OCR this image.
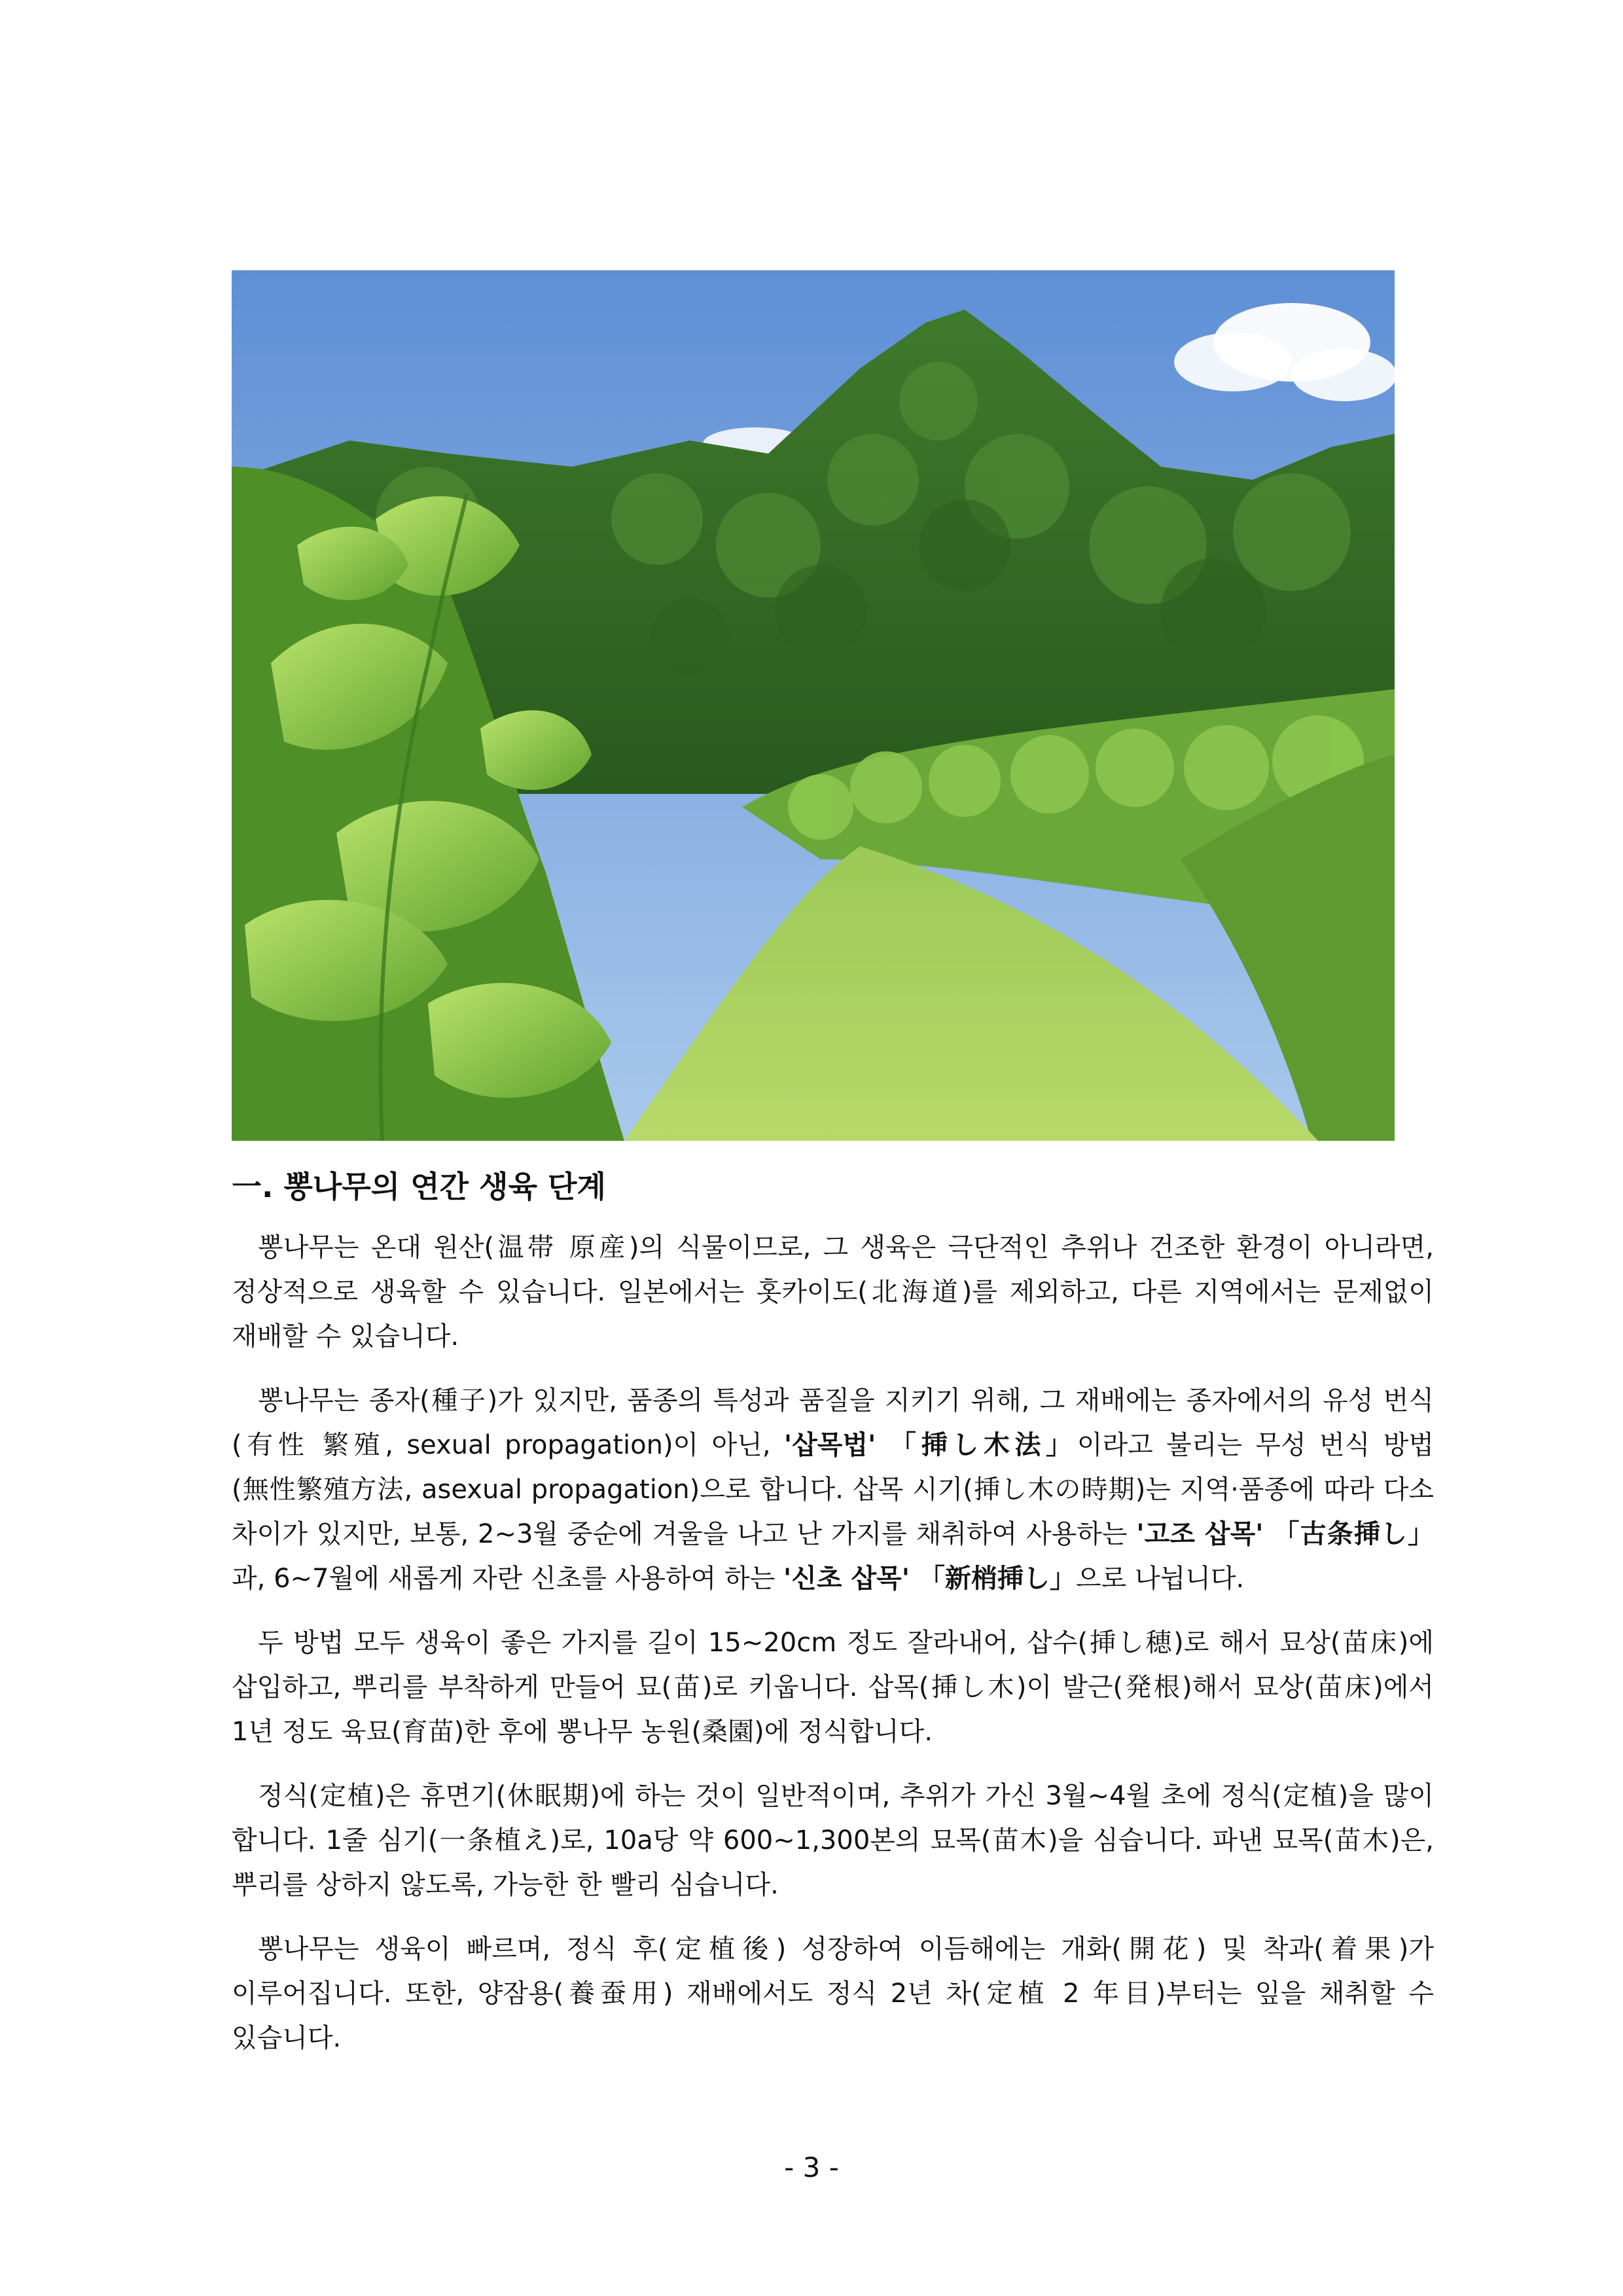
一. 뽕나무의 연간 생육 단계

뽕나무는 온대 원산(温帯 原産)의 식물이므로, 그 생육은 극단적인 추위나 건조한 환경이 아니라면, 정상적으로 생육할 수 있습니다. 일본에서는 홋카이도(北海道)를 제외하고, 다른 지역에서는 문제없이 재배할 수 있습니다.

뽕나무는 종자(種子)가 있지만, 품종의 특성과 품질을 지키기 위해, 그 재배에는 종자에서의 유성 번식(有性 繁殖, sexual propagation)이 아닌, '삽목법' 「挿し木法」이라고 불리는 무성 번식 방법(無性繁殖方法, asexual propagation)으로 합니다. 삽목 시기(挿し木の時期)는 지역·품종에 따라 다소 차이가 있지만, 보통, 2~3월 중순에 겨울을 나고 난 가지를 채취하여 사용하는 '고조 삽목' 「古条挿し」과, 6~7월에 새롭게 자란 신초를 사용하여 하는 '신초 삽목' 「新梢挿し」으로 나뉩니다.

두 방법 모두 생육이 좋은 가지를 길이 15~20cm 정도 잘라내어, 삽수(挿し穂)로 해서 묘상(苗床)에 삽입하고, 뿌리를 부착하게 만들어 묘(苗)로 키웁니다. 삽목(挿し木)이 발근(発根)해서 묘상(苗床)에서 1년 정도 육묘(育苗)한 후에 뽕나무 농원(桑園)에 정식합니다.

정식(定植)은 휴면기(休眠期)에 하는 것이 일반적이며, 추위가 가신 3월~4월 초에 정식(定植)을 많이 합니다. 1줄 심기(一条植え)로, 10a당 약 600~1,300본의 묘목(苗木)을 심습니다. 파낸 묘목(苗木)은, 뿌리를 상하지 않도록, 가능한 한 빨리 심습니다.

뽕나무는 생육이 빠르며, 정식 후(定植後) 성장하여 이듬해에는 개화(開花) 및 착과(着果)가 이루어집니다. 또한, 양잠용(養蚕用) 재배에서도 정식 2년 차(定植 2 年目)부터는 잎을 채취할 수 있습니다.

- 3 -
